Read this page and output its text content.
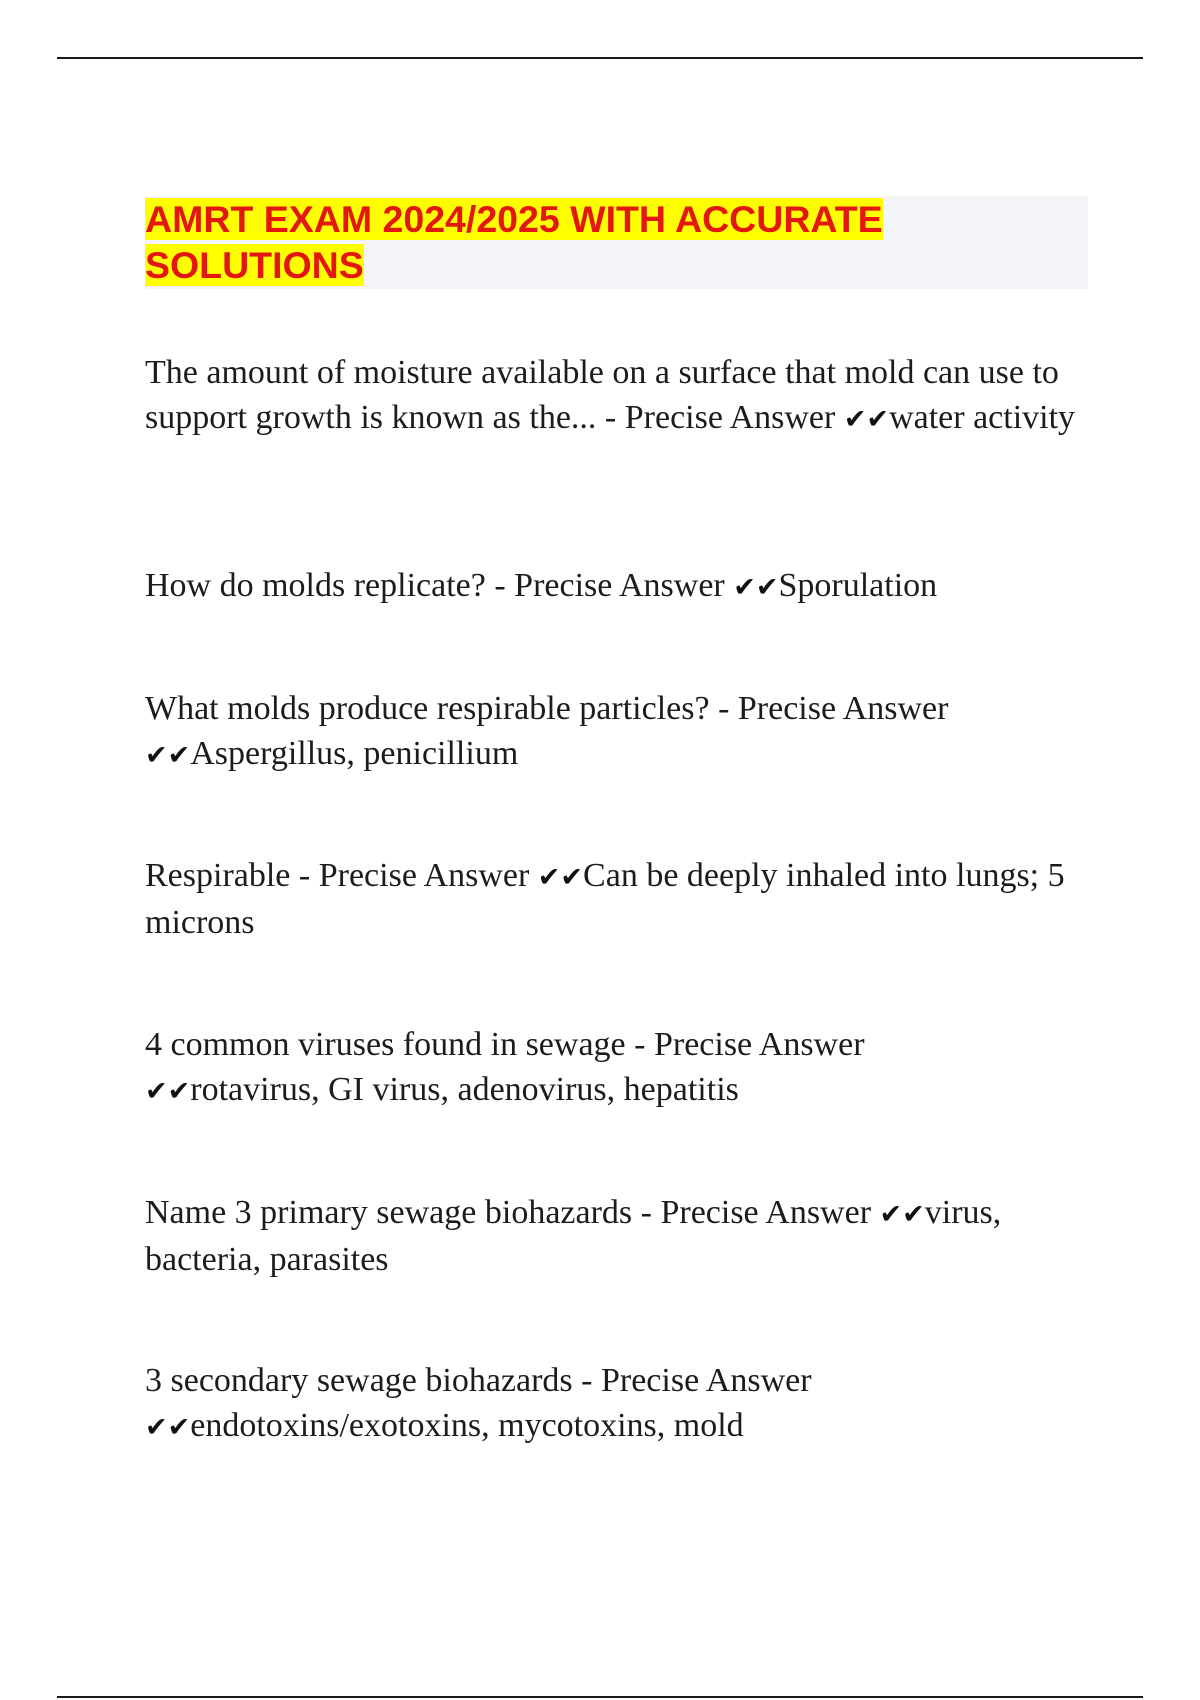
AMRT EXAM 2024/2025 WITH ACCURATE
SOLUTIONS

The amount of moisture available on a surface that mold can use to support growth is known as the... - Precise Answer ✔✔water activity

How do molds replicate? - Precise Answer ✔✔Sporulation

What molds produce respirable particles? - Precise Answer
✔✔Aspergillus, penicillium

Respirable - Precise Answer ✔✔Can be deeply inhaled into lungs; 5 microns

4 common viruses found in sewage - Precise Answer
✔✔rotavirus, GI virus, adenovirus, hepatitis

Name 3 primary sewage biohazards - Precise Answer ✔✔virus, bacteria, parasites

3 secondary sewage biohazards - Precise Answer
✔✔endotoxins/exotoxins, mycotoxins, mold
